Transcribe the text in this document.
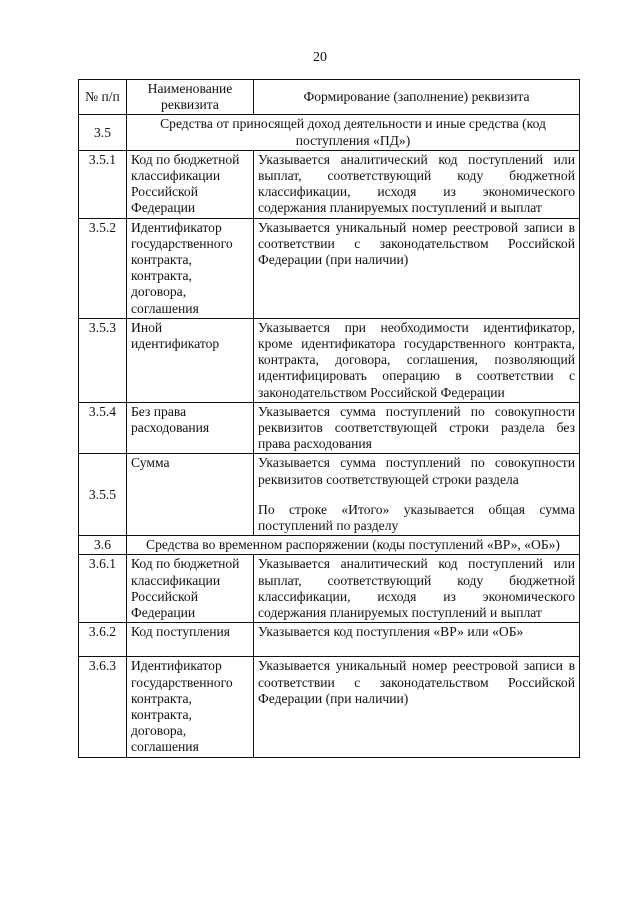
20
№ п/п	Наименование реквизита	Формирование (заполнение) реквизита
3.5	Средства от приносящей доход деятельности и иные средства (код поступления «ПД»)	
3.5.1	Код по бюджетной классификации Российской Федерации	Указывается аналитический код поступлений или выплат, соответствующий коду бюджетной классификации, исходя из экономического содержания планируемых поступлений и выплат

3.5.2	Идентификатор государственного контракта, контракта, договора, соглашения	Указывается уникальный номер реестровой записи в соответствии с законодательством Российской Федерации (при наличии)

3.5.3	Иной идентификатор	Указывается при необходимости идентификатор, кроме идентификатора государственного контракта, контракта, договора, соглашения, позволяющий идентифицировать операцию в соответствии с законодательством Российской Федерации

3.5.4	Без права расходования	Указывается сумма поступлений по совокупности реквизитов соответствующей строки раздела без права расходования

3.5.5	Сумма	Указывается сумма поступлений по совокупности реквизитов соответствующей строки раздела

По строке «Итого» указывается общая сумма поступлений по разделу

3.6	Средства во временном распоряжении (коды поступлений «ВР», «ОБ»)	
3.6.1	Код по бюджетной классификации Российской Федерации	Указывается аналитический код поступлений или выплат, соответствующий коду бюджетной классификации, исходя из экономического содержания планируемых поступлений и выплат

3.6.2	Код поступления	Указывается код поступления «ВР» или «ОБ»

3.6.3	Идентификатор государственного контракта, контракта, договора, соглашения	Указывается уникальный номер реестровой записи в соответствии с законодательством Российской Федерации (при наличии)
